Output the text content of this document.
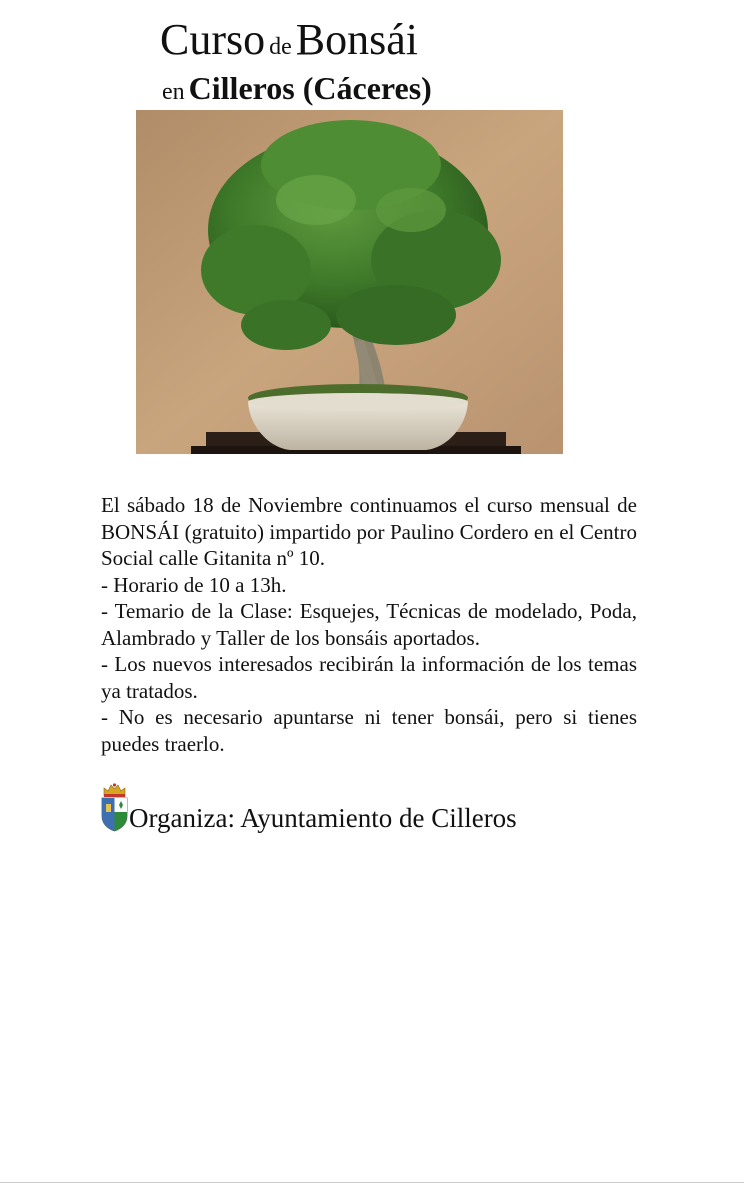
Curso de Bonsái
en Cilleros (Cáceres)

El sábado 18 de Noviembre continuamos el curso mensual de BONSÁI (gratuito) impartido por Paulino Cordero en el Centro Social calle Gitanita nº 10.

- Horario de 10 a 13h.

- Temario de la Clase: Esquejes, Técnicas de modelado, Poda, Alambrado y Taller de los bonsáis aportados.

- Los nuevos interesados recibirán la información de los temas ya tratados.

- No es necesario apuntarse ni tener bonsái, pero si tienes puedes traerlo.

Organiza: Ayuntamiento de Cilleros
